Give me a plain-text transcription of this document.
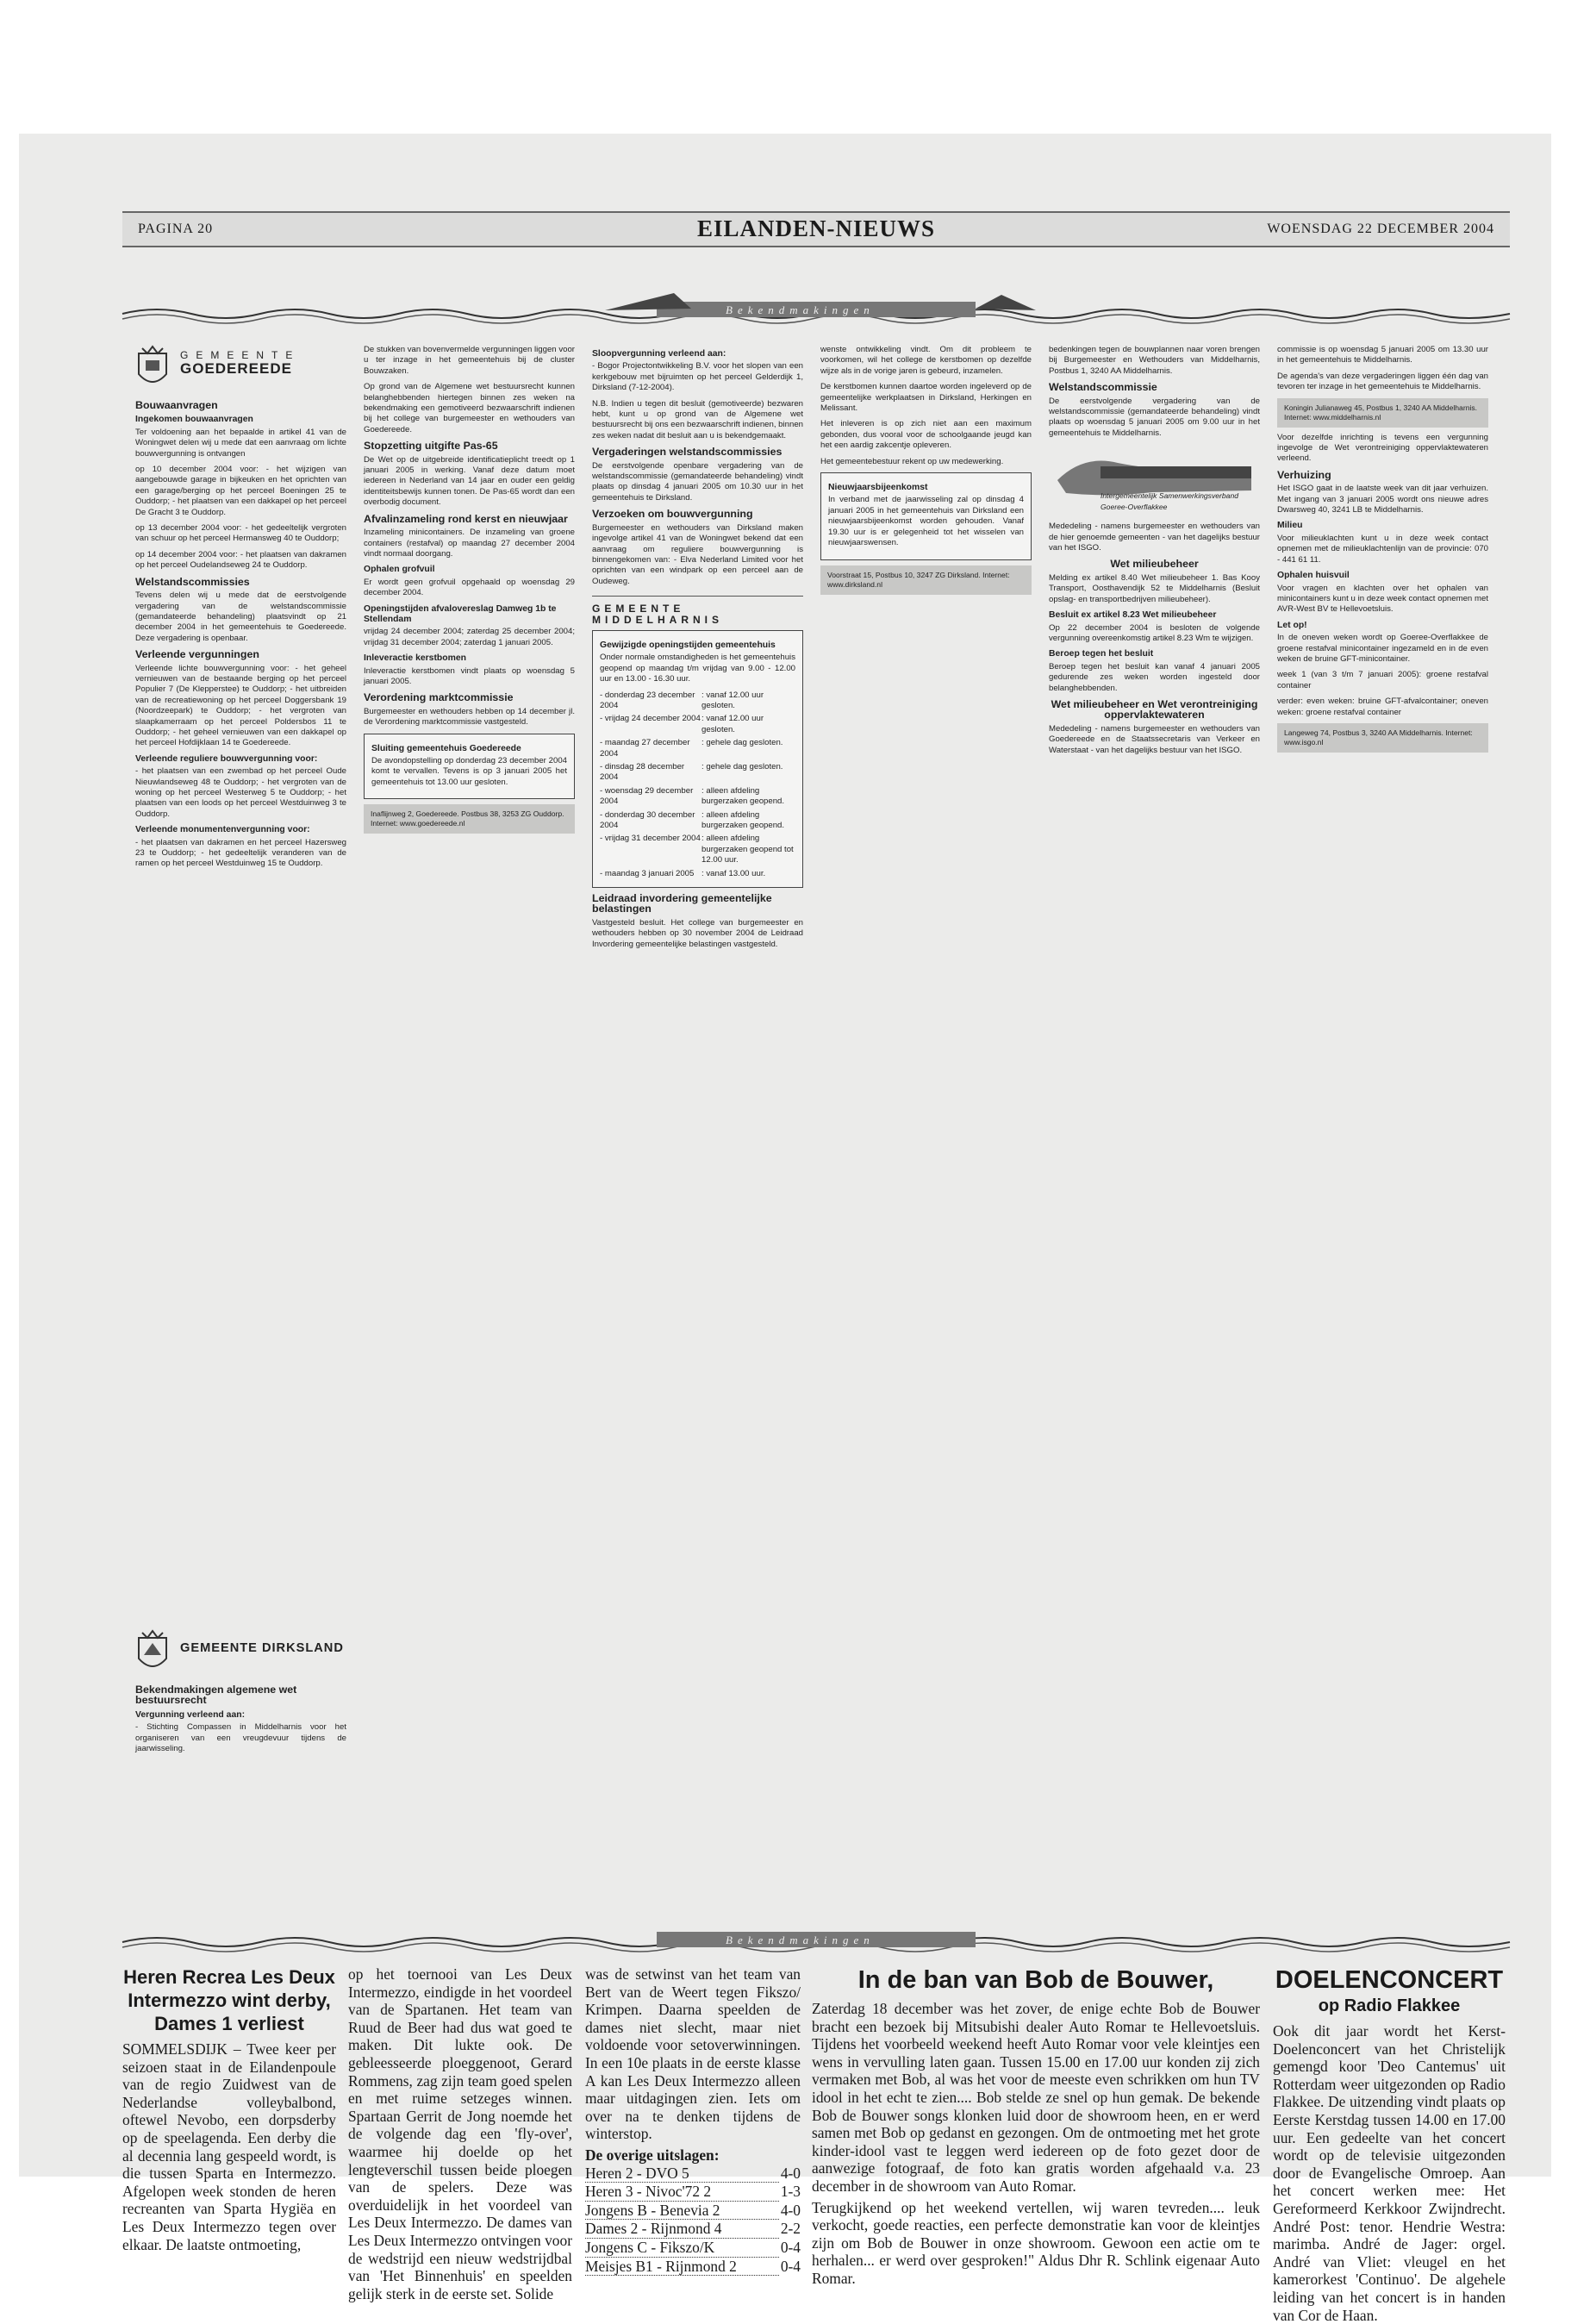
PAGINA 20	EILANDEN-NIEUWS	WOENSDAG 22 DECEMBER 2004
Bekendmakingen
GEMEENTE
GOEDEREEDE
Bouwaanvragen
Ingekomen bouwaanvragen

Ter voldoening aan het bepaalde in artikel 41 van de Woningwet delen wij u mede dat een aanvraag om lichte bouwvergunning is ontvangen

op 10 december 2004 voor: - het wijzigen van aangebouwde garage in bijkeuken en het oprichten van een garage/berging op het perceel Boeningen 25 te Ouddorp; - het plaatsen van een dakkapel op het perceel De Gracht 3 te Ouddorp.

op 13 december 2004 voor: - het gedeeltelijk vergroten van schuur op het perceel Hermansweg 40 te Ouddorp;

op 14 december 2004 voor: - het plaatsen van dakramen op het perceel Oudelandseweg 24 te Ouddorp.

Welstandscommissies

Tevens delen wij u mede dat de eerstvolgende vergadering van de welstandscommissie (gemandateerde behandeling) plaatsvindt op 21 december 2004 in het gemeentehuis te Goedereede. Deze vergadering is openbaar.

Verleende vergunningen

Verleende lichte bouwvergunning voor: - het geheel vernieuwen van de bestaande berging op het perceel Populier 7 (De Klepperstee) te Ouddorp; - het uitbreiden van de recreatiewoning op het perceel Doggersbank 19 (Noordzeepark) te Ouddorp; - het vergroten van slaapkamerraam op het perceel Poldersbos 11 te Ouddorp; - het geheel vernieuwen van een dakkapel op het perceel Hofdijklaan 14 te Goedereede.

Verleende reguliere bouwvergunning voor:

- het plaatsen van een zwembad op het perceel Oude Nieuwlandseweg 48 te Ouddorp; - het vergroten van de woning op het perceel Westerweg 5 te Ouddorp; - het plaatsen van een loods op het perceel Westduinweg 3 te Ouddorp.

Verleende monumentenvergunning voor:

- het plaatsen van dakramen en het perceel Hazersweg 23 te Ouddorp; - het gedeeltelijk veranderen van de ramen op het perceel Westduinweg 15 te Ouddorp.

GEMEENTE DIRKSLAND
Bekendmakingen algemene wet bestuursrecht
Vergunning verleend aan:

- Stichting Compassen in Middelharnis voor het organiseren van een vreugdevuur tijdens de jaarwisseling.

De stukken van bovenvermelde vergunningen liggen voor u ter inzage in het gemeentehuis bij de cluster Bouwzaken.

Op grond van de Algemene wet bestuursrecht kunnen belanghebbenden hiertegen binnen zes weken na bekendmaking een gemotiveerd bezwaarschrift indienen bij het college van burgemeester en wethouders van Goedereede.

Stopzetting uitgifte Pas-65

De Wet op de uitgebreide identificatieplicht treedt op 1 januari 2005 in werking. Vanaf deze datum moet iedereen in Nederland van 14 jaar en ouder een geldig identiteitsbewijs kunnen tonen. De Pas-65 wordt dan een overbodig document.

Afvalinzameling rond kerst en nieuwjaar

Inzameling minicontainers. De inzameling van groene containers (restafval) op maandag 27 december 2004 vindt normaal doorgang.

Ophalen grofvuil

Er wordt geen grofvuil opgehaald op woensdag 29 december 2004.

Openingstijden afvalovereslag Damweg 1b te Stellendam

vrijdag 24 december 2004; zaterdag 25 december 2004; vrijdag 31 december 2004; zaterdag 1 januari 2005.

Inleveractie kerstbomen

Inleveractie kerstbomen vindt plaats op woensdag 5 januari 2005.

Verordening marktcommissie

Burgemeester en wethouders hebben op 14 december jl. de Verordening marktcommissie vastgesteld.

Sluiting gemeentehuis Goedereede

De avondopstelling op donderdag 23 december 2004 komt te vervallen. Tevens is op 3 januari 2005 het gemeentehuis tot 13.00 uur gesloten.

Inaflijnweg 2, Goedereede. Postbus 38, 3253 ZG Ouddorp. Internet: www.goedereede.nl
Sloopvergunning verleend aan:

- Bogor Projectontwikkeling B.V. voor het slopen van een kerkgebouw met bijruimten op het perceel Gelderdijk 1, Dirksland (7-12-2004).

N.B. Indien u tegen dit besluit (gemotiveerde) bezwaren hebt, kunt u op grond van de Algemene wet bestuursrecht bij ons een bezwaarschrift indienen, binnen zes weken nadat dit besluit aan u is bekendgemaakt.

Vergaderingen welstandscommissies

De eerstvolgende openbare vergadering van de welstandscommissie (gemandateerde behandeling) vindt plaats op dinsdag 4 januari 2005 om 10.30 uur in het gemeentehuis te Dirksland.

Verzoeken om bouwvergunning

Burgemeester en wethouders van Dirksland maken ingevolge artikel 41 van de Woningwet bekend dat een aanvraag om reguliere bouwvergunning is binnengekomen van: - Elva Nederland Limited voor het oprichten van een windpark op een perceel aan de Oudeweg.

GEMEENTE MIDDELHARNIS
Gewijzigde openingstijden gemeentehuis

Onder normale omstandigheden is het gemeentehuis geopend op maandag t/m vrijdag van 9.00 - 12.00 uur en 13.00 - 16.30 uur.

- donderdag 23 december 2004
: vanaf 12.00 uur gesloten.
- vrijdag 24 december 2004 : vanaf 12.00 uur gesloten.
- maandag 27 december 2004
: gehele dag gesloten.
- dinsdag 28 december 2004
: gehele dag gesloten.
- woensdag 29 december 2004
: alleen afdeling burgerzaken geopend.
- donderdag 30 december 2004
: alleen afdeling burgerzaken geopend.
- vrijdag 31 december 2004 : alleen afdeling burgerzaken geopend tot 12.00 uur.
- maandag 3 januari 2005 : vanaf 13.00 uur.
Leidraad invordering gemeentelijke belastingen

Vastgesteld besluit. Het college van burgemeester en wethouders hebben op 30 november 2004 de Leidraad Invordering gemeentelijke belastingen vastgesteld.

wenste ontwikkeling vindt. Om dit probleem te voorkomen, wil het college de kerstbomen op dezelfde wijze als in de vorige jaren is gebeurd, inzamelen.

De kerstbomen kunnen daartoe worden ingeleverd op de gemeentelijke werkplaatsen in Dirksland, Herkingen en Melissant.

Het inleveren is op zich niet aan een maximum gebonden, dus vooral voor de schoolgaande jeugd kan het een aardig zakcentje opleveren.

Het gemeentebestuur rekent op uw medewerking.

Nieuwjaarsbijeenkomst

In verband met de jaarwisseling zal op dinsdag 4 januari 2005 in het gemeentehuis van Dirksland een nieuwjaarsbijeenkomst worden gehouden. Vanaf 19.30 uur is er gelegenheid tot het wisselen van nieuwjaarswensen.

Voorstraat 15, Postbus 10, 3247 ZG Dirksland. Internet: www.dirksland.nl

bedenkingen tegen de bouwplannen naar voren brengen bij Burgemeester en Wethouders van Middelharnis, Postbus 1, 3240 AA Middelharnis.

Welstandscommissie

De eerstvolgende vergadering van de welstandscommissie (gemandateerde behandeling) vindt plaats op woensdag 5 januari 2005 om 9.00 uur in het gemeentehuis te Middelharnis.

Intergemeentelijk Samenwerkingsverband Goeree-Overflakkee

Mededeling - namens burgemeester en wethouders van de hier genoemde gemeenten - van het dagelijks bestuur van het ISGO.

Wet milieubeheer

Melding ex artikel 8.40 Wet milieubeheer 1. Bas Kooy Transport, Oosthavendijk 52 te Middelharnis (Besluit opslag- en transportbedrijven milieubeheer).

Besluit ex artikel 8.23 Wet milieubeheer

Op 22 december 2004 is besloten de volgende vergunning overeenkomstig artikel 8.23 Wm te wijzigen.

Beroep tegen het besluit

Beroep tegen het besluit kan vanaf 4 januari 2005 gedurende zes weken worden ingesteld door belanghebbenden.

Wet milieubeheer en Wet verontreiniging oppervlaktewateren

Mededeling - namens burgemeester en wethouders van Goedereede en de Staatssecretaris van Verkeer en Waterstaat - van het dagelijks bestuur van het ISGO.

commissie is op woensdag 5 januari 2005 om 13.30 uur in het gemeentehuis te Middelharnis.

De agenda's van deze vergaderingen liggen één dag van tevoren ter inzage in het gemeentehuis te Middelharnis.

Koningin Julianaweg 45, Postbus 1, 3240 AA Middelharnis. Internet: www.middelharnis.nl

Voor dezelfde inrichting is tevens een vergunning ingevolge de Wet verontreiniging oppervlaktewateren verleend.

Verhuizing

Het ISGO gaat in de laatste week van dit jaar verhuizen. Met ingang van 3 januari 2005 wordt ons nieuwe adres Dwarsweg 40, 3241 LB te Middelharnis.

Milieu

Voor milieuklachten kunt u in deze week contact opnemen met de milieuklachtenlijn van de provincie: 070 - 441 61 11.

Ophalen huisvuil

Voor vragen en klachten over het ophalen van minicontainers kunt u in deze week contact opnemen met AVR-West BV te Hellevoetsluis.

Let op!

In de oneven weken wordt op Goeree-Overflakkee de groene restafval minicontainer ingezameld en in de even weken de bruine GFT-minicontainer.

week 1 (van 3 t/m 7 januari 2005): groene restafval container

verder: even weken: bruine GFT-afvalcontainer; oneven weken: groene restafval container

Langeweg 74, Postbus 3, 3240 AA Middelharnis. Internet: www.isgo.nl
Bekendmakingen
Heren Recrea Les Deux Intermezzo wint derby, Dames 1 verliest

SOMMELSDIJK – Twee keer per seizoen staat in de Eilandenpoule van de regio Zuidwest van de Nederlandse volleybalbond, oftewel Nevobo, een dorpsderby op de speelagenda. Een derby die al decennia lang gespeeld wordt, is die tussen Sparta en Intermezzo. Afgelopen week stonden de heren recreanten van Sparta Hygiëa en Les Deux Intermezzo tegen over elkaar. De laatste ontmoeting,

op het toernooi van Les Deux Intermezzo, eindigde in het voordeel van de Spartanen. Het team van Ruud de Beer had dus wat goed te maken. Dit lukte ook. De gebleesseerde ploeggenoot, Gerard Rommens, zag zijn team goed spelen en met ruime setzeges winnen. Spartaan Gerrit de Jong noemde het de volgende dag een 'fly-over', waarmee hij doelde op het lengteverschil tussen beide ploegen van de spelers. Deze was overduidelijk in het voordeel van Les Deux Intermezzo. De dames van Les Deux Intermezzo ontvingen voor de wedstrijd een nieuw wedstrijdbal van 'Het Binnenhuis' en speelden gelijk sterk in de eerste set. Solide

was de setwinst van het team van Bert van de Weert tegen Fikszo/ Krimpen. Daarna speelden de dames niet slecht, maar niet voldoende voor setoverwinningen. In een 10e plaats in de eerste klasse A kan Les Deux Intermezzo alleen maar uitdagingen zien. Iets om over na te denken tijdens de winterstop.

De overige uitslagen:
Heren 2 - DVO 5	4-0
Heren 3 - Nivoc'72 2	1-3
Jongens B - Benevia 2	4-0
Dames 2 - Rijnmond 4	2-2
Jongens C - Fikszo/K	0-4
Meisjes B1 - Rijnmond 2	0-4
In de ban van Bob de Bouwer,

Zaterdag 18 december was het zover, de enige echte Bob de Bouwer bracht een bezoek bij Mitsubishi dealer Auto Romar te Hellevoetsluis. Tijdens het voorbeeld weekend heeft Auto Romar voor vele kleintjes een wens in vervulling laten gaan. Tussen 15.00 en 17.00 uur konden zij zich vermaken met Bob, al was het voor de meeste even schrikken om hun TV idool in het echt te zien.... Bob stelde ze snel op hun gemak. De bekende Bob de Bouwer songs klonken luid door de showroom heen, en er werd samen met Bob op gedanst en gezongen. Om de ontmoeting met het grote kinder-idool vast te leggen werd iedereen op de foto gezet door de aanwezige fotograaf, de foto kan gratis worden afgehaald v.a. 23 december in de showroom van Auto Romar.

Terugkijkend op het weekend vertellen, wij waren tevreden.... leuk verkocht, goede reacties, een perfecte demonstratie kan voor de kleintjes zijn om Bob de Bouwer in onze showroom. Gewoon een actie om te herhalen... er werd over gesproken!" Aldus Dhr R. Schlink eigenaar Auto Romar.

DOELENCONCERT
op Radio Flakkee

Ook dit jaar wordt het Kerst-Doelenconcert van het Christelijk gemengd koor 'Deo Cantemus' uit Rotterdam weer uitgezonden op Radio Flakkee. De uitzending vindt plaats op Eerste Kerstdag tussen 14.00 en 17.00 uur. Een gedeelte van het concert wordt op de televisie uitgezonden door de Evangelische Omroep. Aan het concert werken mee: Het Gereformeerd Kerkkoor Zwijndrecht. André Post: tenor. Hendrie Westra: marimba. André de Jager: orgel. André van Vliet: vleugel en het kamerorkest 'Continuo'. De algehele leiding van het concert is in handen van Cor de Haan.
